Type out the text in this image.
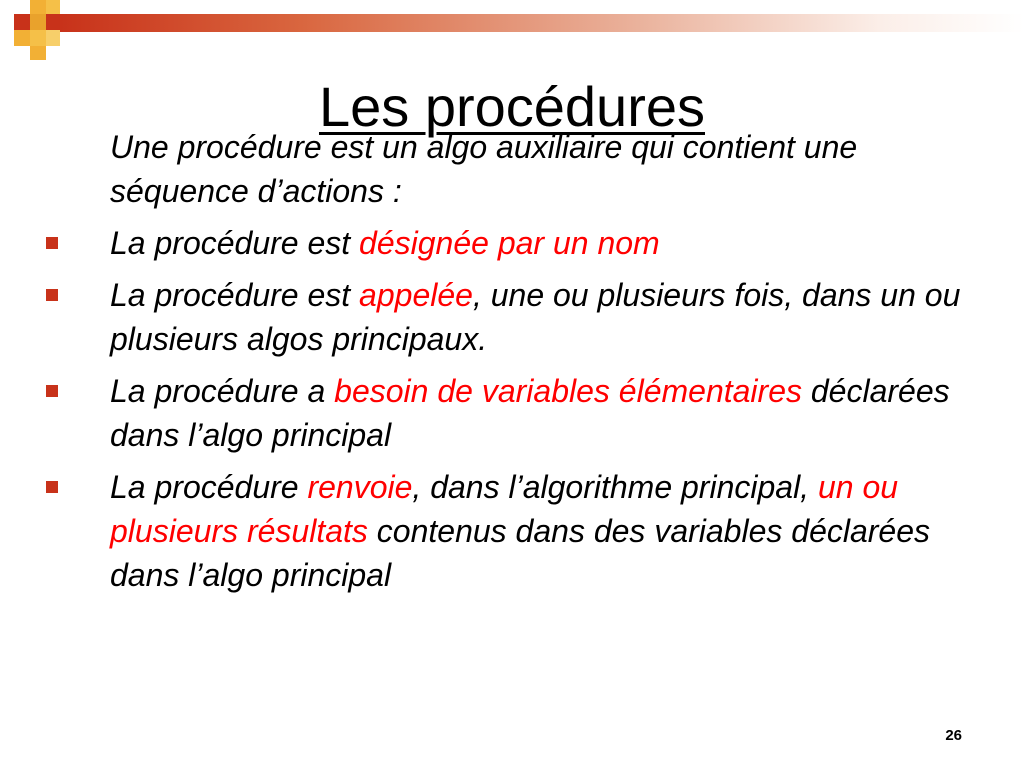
Les procédures

Une procédure est un algo auxiliaire qui contient une séquence d’actions :

La procédure est désignée par un nom
La procédure est appelée, une ou plusieurs fois, dans un ou plusieurs algos principaux.
La procédure a besoin de variables élémentaires déclarées dans l’algo principal
La procédure renvoie, dans l’algorithme principal, un ou plusieurs résultats contenus dans des variables déclarées dans l’algo principal
26
